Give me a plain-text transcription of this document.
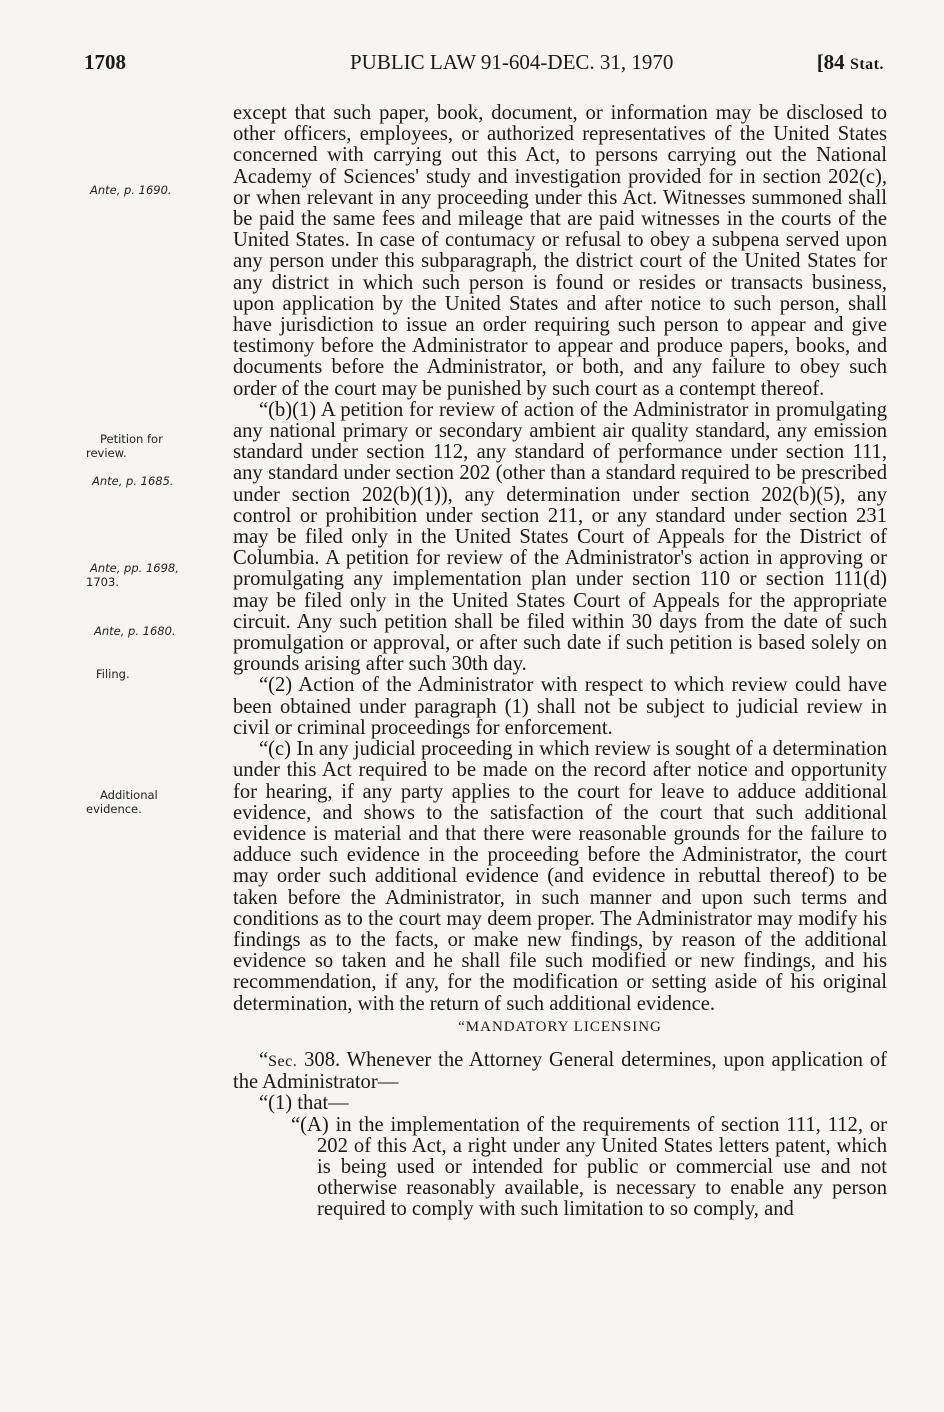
1708	PUBLIC LAW 91-604-DEC. 31, 1970	[84 Stat.
Ante, p. 1690.
Petition for
review.
Ante, p. 1685.
Ante, pp. 1698,
1703.
Ante, p. 1680.
Filing.
Additional
evidence.

except that such paper, book, document, or information may be disclosed to other officers, employees, or authorized representatives of the United States concerned with carrying out this Act, to persons carrying out the National Academy of Sciences' study and investigation provided for in section 202(c), or when relevant in any proceeding under this Act. Witnesses summoned shall be paid the same fees and mileage that are paid witnesses in the courts of the United States. In case of contumacy or refusal to obey a subpena served upon any person under this subparagraph, the district court of the United States for any district in which such person is found or resides or transacts business, upon application by the United States and after notice to such person, shall have jurisdiction to issue an order requiring such person to appear and give testimony before the Administrator to appear and produce papers, books, and documents before the Administrator, or both, and any failure to obey such order of the court may be punished by such court as a contempt thereof.

“(b)(1) A petition for review of action of the Administrator in promulgating any national primary or secondary ambient air quality standard, any emission standard under section 112, any standard of performance under section 111, any standard under section 202 (other than a standard required to be prescribed under section 202(b)(1)), any determination under section 202(b)(5), any control or prohibition under section 211, or any standard under section 231 may be filed only in the United States Court of Appeals for the District of Columbia. A petition for review of the Administrator's action in approving or promulgating any implementation plan under section 110 or section 111(d) may be filed only in the United States Court of Appeals for the appropriate circuit. Any such petition shall be filed within 30 days from the date of such promulgation or approval, or after such date if such petition is based solely on grounds arising after such 30th day.

“(2) Action of the Administrator with respect to which review could have been obtained under paragraph (1) shall not be subject to judicial review in civil or criminal proceedings for enforcement.

“(c) In any judicial proceeding in which review is sought of a determination under this Act required to be made on the record after notice and opportunity for hearing, if any party applies to the court for leave to adduce additional evidence, and shows to the satisfaction of the court that such additional evidence is material and that there were reasonable grounds for the failure to adduce such evidence in the proceeding before the Administrator, the court may order such additional evidence (and evidence in rebuttal thereof) to be taken before the Administrator, in such manner and upon such terms and conditions as to the court may deem proper. The Administrator may modify his findings as to the facts, or make new findings, by reason of the additional evidence so taken and he shall file such modified or new findings, and his recommendation, if any, for the modification or setting aside of his original determination, with the return of such additional evidence.

“MANDATORY LICENSING

“Sec. 308. Whenever the Attorney General determines, upon application of the Administrator—

“(1) that—

“(A) in the implementation of the requirements of section 111, 112, or 202 of this Act, a right under any United States letters patent, which is being used or intended for public or commercial use and not otherwise reasonably available, is necessary to enable any person required to comply with such limitation to so comply, and
